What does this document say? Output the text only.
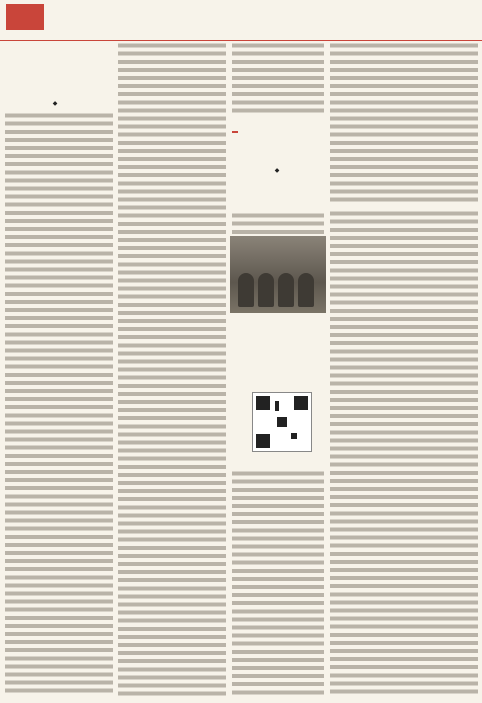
◆
◆
